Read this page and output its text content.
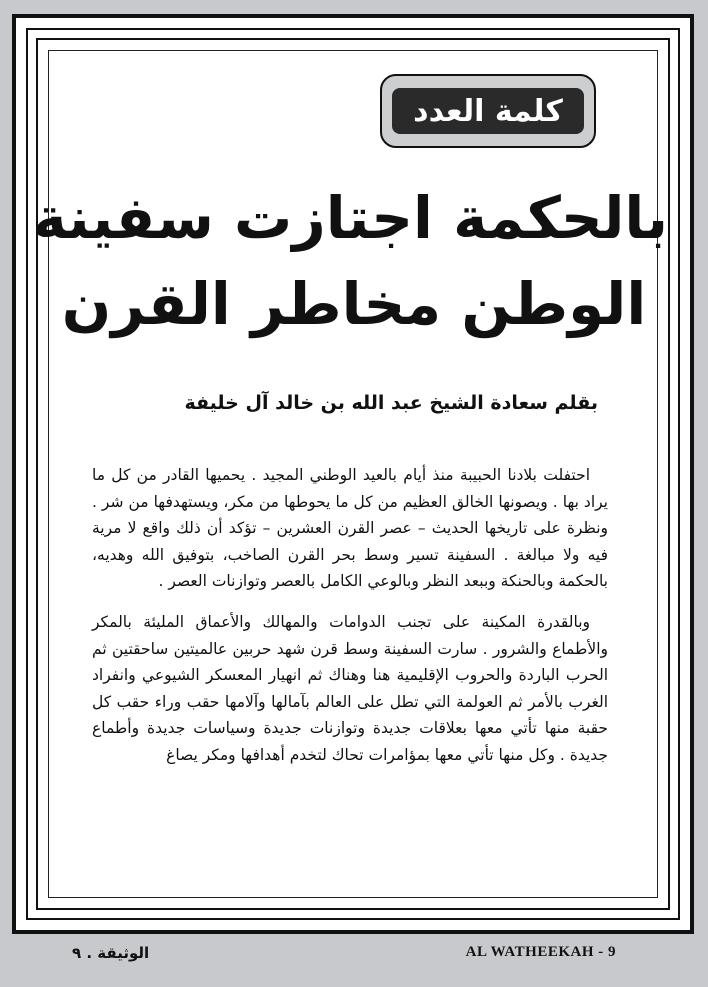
كلمة العدد
بالحكمة اجتازت سفينة
الوطن مخاطر القرن
بقلم سعادة الشيخ عبد الله بن خالد آل خليفة

احتفلت بلادنا الحبيبة منذ أيام بالعيد الوطني المجيد . يحميها القادر من كل ما يراد بها . ويصونها الخالق العظيم من كل ما يحوطها من مكر، ويستهدفها من شر . ونظرة على تاريخها الحديث – عصر القرن العشرين – تؤكد أن ذلك واقع لا مرية فيه ولا مبالغة . السفينة تسير وسط بحر القرن الصاخب، بتوفيق الله وهديه، بالحكمة وبالحنكة وببعد النظر وبالوعي الكامل بالعصر وتوازنات العصر .

وبالقدرة المكينة على تجنب الدوامات والمهالك والأعماق المليئة بالمكر والأطماع والشرور . سارت السفينة وسط قرن شهد حربين عالميتين ساحقتين ثم الحرب الباردة والحروب الإقليمية هنا وهناك ثم انهيار المعسكر الشيوعي وانفراد الغرب بالأمر ثم العولمة التي تطل على العالم بآمالها وآلامها حقب وراء حقب كل حقبة منها تأتي معها بعلاقات جديدة وتوازنات جديدة وسياسات جديدة وأطماع جديدة . وكل منها تأتي معها بمؤامرات تحاك لتخدم أهدافها ومكر يصاغ

الوثيقة . ٩	AL WATHEEKAH - 9
